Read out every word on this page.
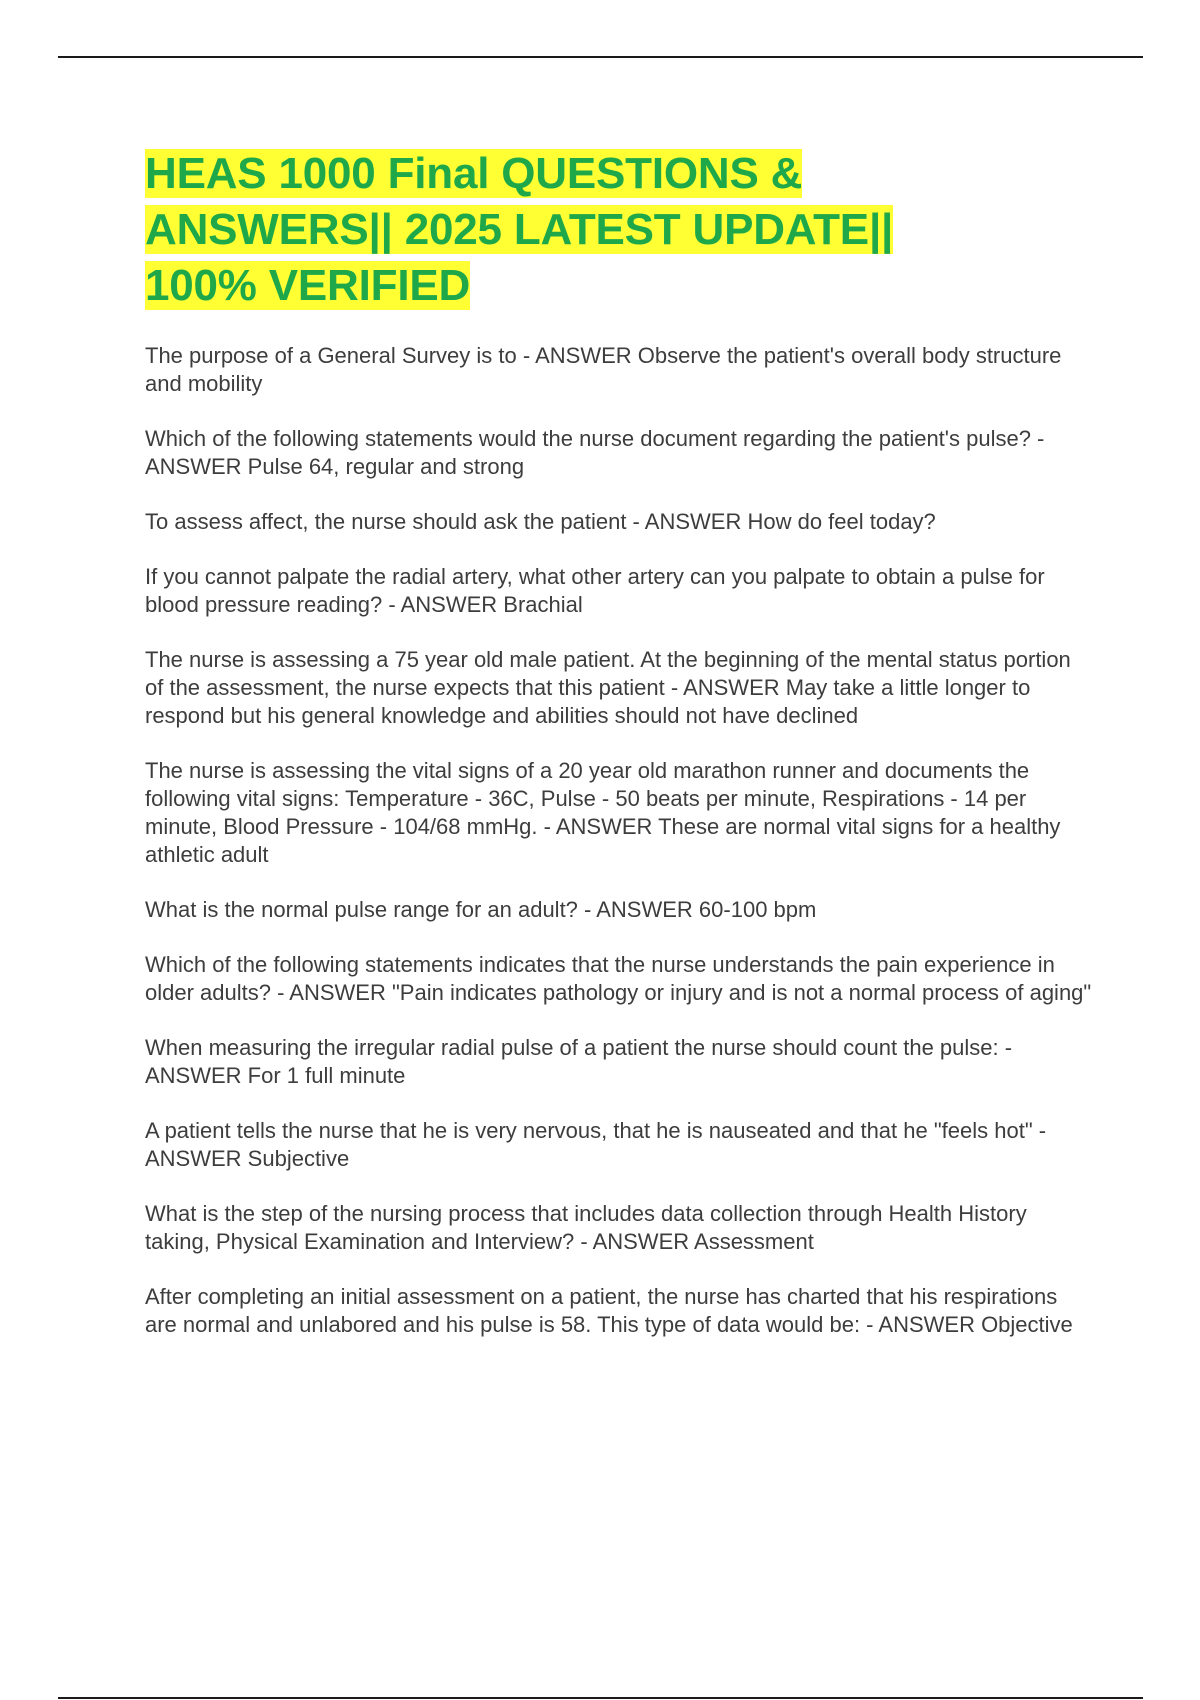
HEAS 1000 Final QUESTIONS &
ANSWERS|| 2025 LATEST UPDATE||
100% VERIFIED
The purpose of a General Survey is to - ANSWER Observe the patient's overall body structure and mobility
Which of the following statements would the nurse document regarding the patient's pulse? - ANSWER Pulse 64, regular and strong
To assess affect, the nurse should ask the patient - ANSWER How do feel today?
If you cannot palpate the radial artery, what other artery can you palpate to obtain a pulse for blood pressure reading? - ANSWER Brachial
The nurse is assessing a 75 year old male patient. At the beginning of the mental status portion of the assessment, the nurse expects that this patient - ANSWER May take a little longer to respond but his general knowledge and abilities should not have declined
The nurse is assessing the vital signs of a 20 year old marathon runner and documents the following vital signs: Temperature - 36C, Pulse - 50 beats per minute, Respirations - 14 per minute, Blood Pressure - 104/68 mmHg. - ANSWER These are normal vital signs for a healthy athletic adult
What is the normal pulse range for an adult? - ANSWER 60-100 bpm
Which of the following statements indicates that the nurse understands the pain experience in older adults? - ANSWER "Pain indicates pathology or injury and is not a normal process of aging"
When measuring the irregular radial pulse of a patient the nurse should count the pulse: - ANSWER For 1 full minute
A patient tells the nurse that he is very nervous, that he is nauseated and that he "feels hot" - ANSWER Subjective
What is the step of the nursing process that includes data collection through Health History taking, Physical Examination and Interview? - ANSWER Assessment
After completing an initial assessment on a patient, the nurse has charted that his respirations are normal and unlabored and his pulse is 58. This type of data would be: - ANSWER Objective
